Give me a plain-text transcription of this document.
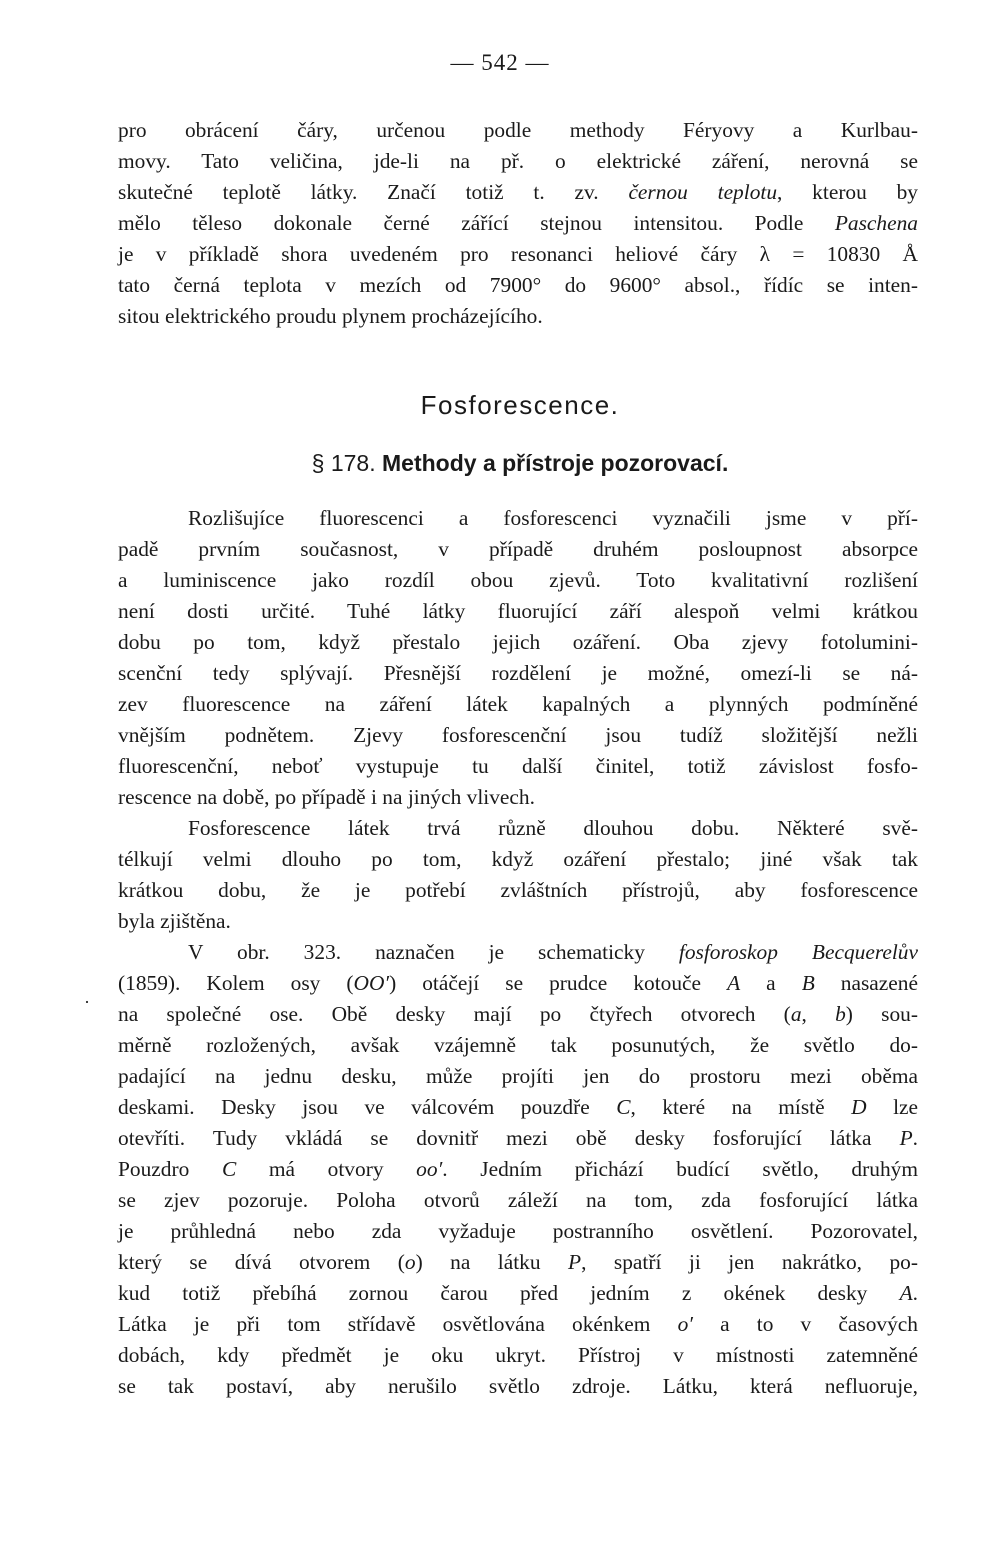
— 542 —
pro obrácení čáry, určenou podle methody Féryovy a Kurlbau-
movy. Tato veličina, jde-li na př. o elektrické záření, nerovná se
skutečné teplotě látky. Značí totiž t. zv. černou teplotu, kterou by
mělo těleso dokonale černé zářící stejnou intensitou. Podle Paschena
je v příkladě shora uvedeném pro resonanci heliové čáry λ = 10830 Å
tato černá teplota v mezích od 7900° do 9600° absol., řídíc se inten-
sitou elektrického proudu plynem procházejícího.
Fosforescence.
§ 178. Methody a přístroje pozorovací.
Rozlišujíce fluorescenci a fosforescenci vyznačili jsme v pří-
padě prvním současnost, v případě druhém posloupnost absorpce
a luminiscence jako rozdíl obou zjevů. Toto kvalitativní rozlišení
není dosti určité. Tuhé látky fluorující září alespoň velmi krátkou
dobu po tom, když přestalo jejich ozáření. Oba zjevy fotolumini-
scenční tedy splývají. Přesnější rozdělení je možné, omezí-li se ná-
zev fluorescence na záření látek kapalných a plynných podmíněné
vnějším podnětem. Zjevy fosforescenční jsou tudíž složitější nežli
fluorescenční, neboť vystupuje tu další činitel, totiž závislost fosfo-
rescence na době, po případě i na jiných vlivech.
Fosforescence látek trvá různě dlouhou dobu. Některé svě-
télkují velmi dlouho po tom, když ozáření přestalo; jiné však tak
krátkou dobu, že je potřebí zvláštních přístrojů, aby fosforescence
byla zjištěna.
V obr. 323. naznačen je schematicky fosforoskop Becquerelův
(1859). Kolem osy (OO′) otáčejí se prudce kotouče A a B nasazené
na společné ose. Obě desky mají po čtyřech otvorech (a, b) sou-
měrně rozložených, avšak vzájemně tak posunutých, že světlo do-
padající na jednu desku, může projíti jen do prostoru mezi oběma
deskami. Desky jsou ve válcovém pouzdře C, které na místě D lze
otevříti. Tudy vkládá se dovnitř mezi obě desky fosforující látka P.
Pouzdro C má otvory oo′. Jedním přichází budící světlo, druhým
se zjev pozoruje. Poloha otvorů záleží na tom, zda fosforující látka
je průhledná nebo zda vyžaduje postranního osvětlení. Pozorovatel,
který se dívá otvorem (o) na látku P, spatří ji jen nakrátko, po-
kud totiž přebíhá zornou čarou před jedním z okének desky A.
Látka je při tom střídavě osvětlována okénkem o′ a to v časových
dobách, kdy předmět je oku ukryt. Přístroj v místnosti zatemněné
se tak postaví, aby nerušilo světlo zdroje. Látku, která nefluoruje,
·
